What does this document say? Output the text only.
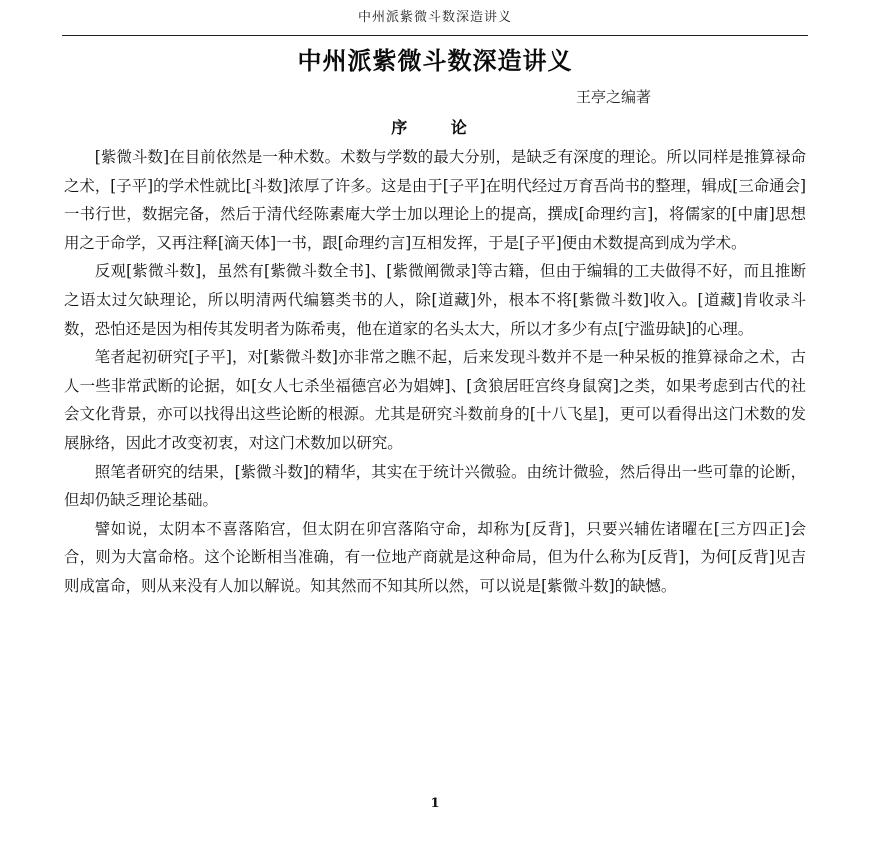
中州派紫微斗数深造讲义
中州派紫微斗数深造讲义
王亭之编著
序 论

[紫微斗数]在目前依然是一种术数。术数与学数的最大分别，是缺乏有深度的理论。所以同样是推算禄命之术，[子平]的学术性就比[斗数]浓厚了许多。这是由于[子平]在明代经过万育吾尚书的整理，辑成[三命通会]一书行世，数据完备，然后于清代经陈素庵大学士加以理论上的提高，撰成[命理约言]，将儒家的[中庸]思想用之于命学，又再注释[滴天体]一书，跟[命理约言]互相发挥，于是[子平]便由术数提高到成为学术。

反观[紫微斗数]，虽然有[紫微斗数全书]、[紫微阐微录]等古籍，但由于编辑的工夫做得不好，而且推断之语太过欠缺理论，所以明清两代编篡类书的人，除[道藏]外，根本不将[紫微斗数]收入。[道藏]肯收录斗数，恐怕还是因为相传其发明者为陈希夷，他在道家的名头太大，所以才多少有点[宁滥毋缺]的心理。

笔者起初研究[子平]，对[紫微斗数]亦非常之瞧不起，后来发现斗数并不是一种呆板的推算禄命之术，古人一些非常武断的论据，如[女人七杀坐福德宫必为娼婢]、[贪狼居旺宫终身鼠窝]之类，如果考虑到古代的社会文化背景，亦可以找得出这些论断的根源。尤其是研究斗数前身的[十八飞星]，更可以看得出这门术数的发展脉络，因此才改变初衷，对这门术数加以研究。

照笔者研究的结果，[紫微斗数]的精华，其实在于统计兴微验。由统计微验，然后得出一些可靠的论断，但却仍缺乏理论基础。

譬如说，太阴本不喜落陷宫，但太阴在卯宫落陷守命，却称为[反背]，只要兴辅佐诸曜在[三方四正]会合，则为大富命格。这个论断相当准确，有一位地产商就是这种命局，但为什么称为[反背]，为何[反背]见吉则成富命，则从来没有人加以解说。知其然而不知其所以然，可以说是[紫微斗数]的缺憾。

1
